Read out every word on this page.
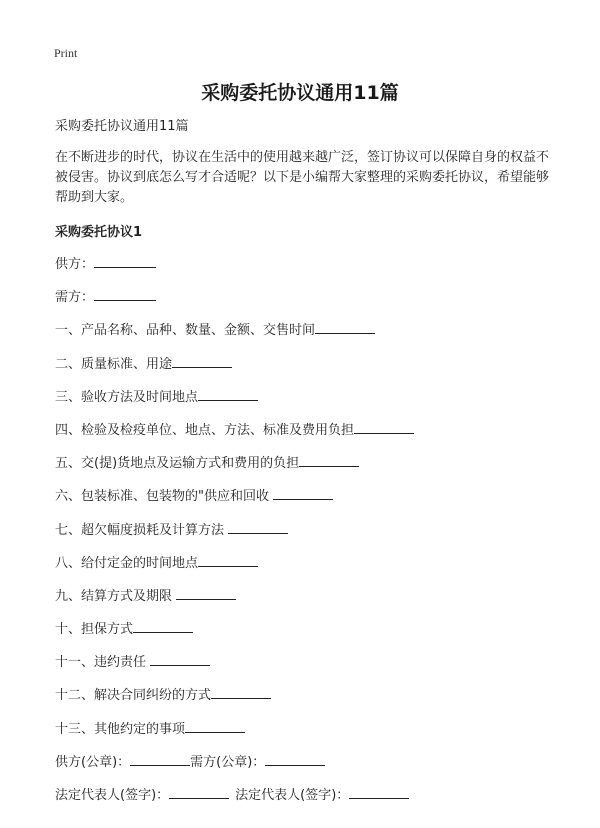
Print
采购委托协议通用11篇

采购委托协议通用11篇

在不断进步的时代，协议在生活中的使用越来越广泛，签订协议可以保障自身的权益不被侵害。协议到底怎么写才合适呢？以下是小编帮大家整理的采购委托协议，希望能够帮助到大家。

采购委托协议1

供方：
需方：
一、产品名称、品种、数量、金额、交售时间
二、质量标准、用途
三、验收方法及时间地点
四、检验及检疫单位、地点、方法、标准及费用负担
五、交(提)货地点及运输方式和费用的负担
六、包装标准、包装物的"供应和回收
七、超欠幅度损耗及计算方法
八、给付定金的时间地点
九、结算方式及期限
十、担保方式
十一、违约责任
十二、解决合同纠纷的方式
十三、其他约定的事项
供方(公章)：	需方(公章)：
法定代表人(签字)：	法定代表人(签字)：
